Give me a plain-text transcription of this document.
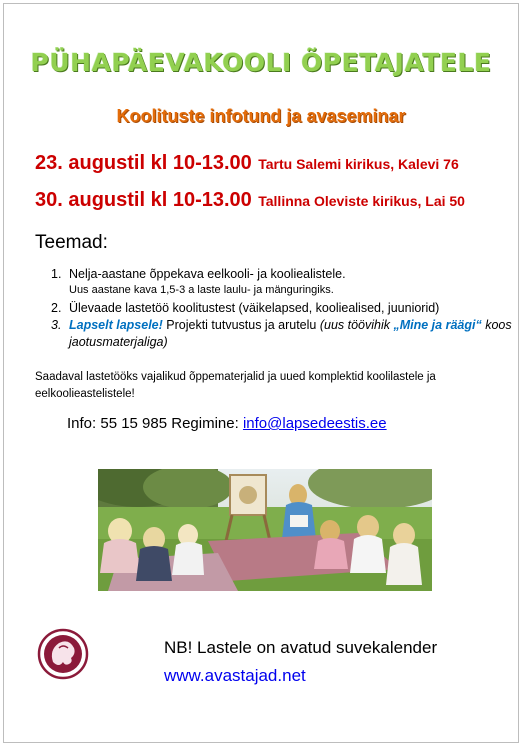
PÜHAPÄEVAKOOLI ÕPETAJATELE
Koolituste infotund ja avaseminar
23. augustil kl 10-13.00 Tartu Salemi kirikus, Kalevi 76
30. augustil kl 10-13.00 Tallinna Oleviste kirikus, Lai 50
Teemad:
1. Nelja-aastane õppekava eelkooli- ja kooliealistele.
Uus aastane kava 1,5-3 a laste laulu- ja mänguringiks.
2. Ülevaade lastetöö koolitustest (väikelapsed, kooliealised, juuniorid)
3. Lapselt lapsele! Projekti tutvustus ja arutelu (uus töövihik „Mine ja räägi“ koos jaotusmaterjaliga)
Saadaval lastetööks vajalikud õppematerjalid ja uued komplektid koolilastele ja eelkoolieastelistele!
Info: 55 15 985 Regimine: info@lapsedeestis.ee
NB! Lastele on avatud suvekalender
www.avastajad.net
